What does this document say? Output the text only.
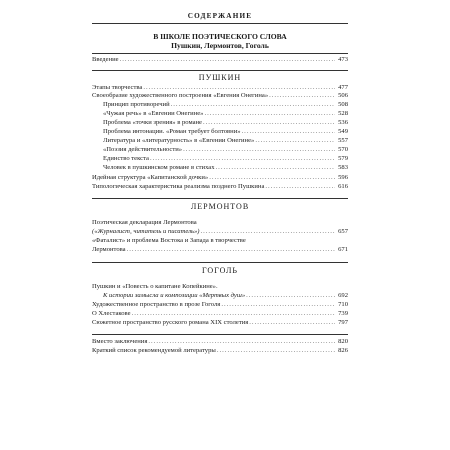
СОДЕРЖАНИЕ
В ШКОЛЕ ПОЭТИЧЕСКОГО СЛОВА
Пушкин, Лермонтов, Гоголь
Введение .....	473
ПУШКИН
Этапы творчества .....	477
Своеобразие художественного построения «Евгения Онегина» .....	506
Принцип противоречий .....	508
«Чужая речь» в «Евгении Онегине» .....	528
Проблема «точки зрения» в романе .....	536
Проблема интонации. «Роман требует болтовни» .....	549
Литература и «литературность» в «Евгении Онегине» .....	557
«Поэзия действительности» .....	570
Единство текста .....	579
Человек в пушкинском романе в стихах .....	583
Идейная структура «Капитанской дочки» .....	596
Типологическая характеристика реализма позднего Пушкина .....	616
ЛЕРМОНТОВ
Поэтическая декларация Лермонтова
(«Журналист, читатель и писатель») .....	657
«Фаталист» и проблема Востока и Запада в творчестве
Лермонтова .....	671
ГОГОЛЬ
Пушкин и «Повесть о капитане Копейкине».
К истории замысла и композиции «Мертвых душ» .....	692
Художественное пространство в прозе Гоголя .....	710
О Хлестакове .....	739
Сюжетное пространство русского романа XIX столетия .....	797
Вместо заключения .....	820
Краткий список рекомендуемой литературы .....	826
